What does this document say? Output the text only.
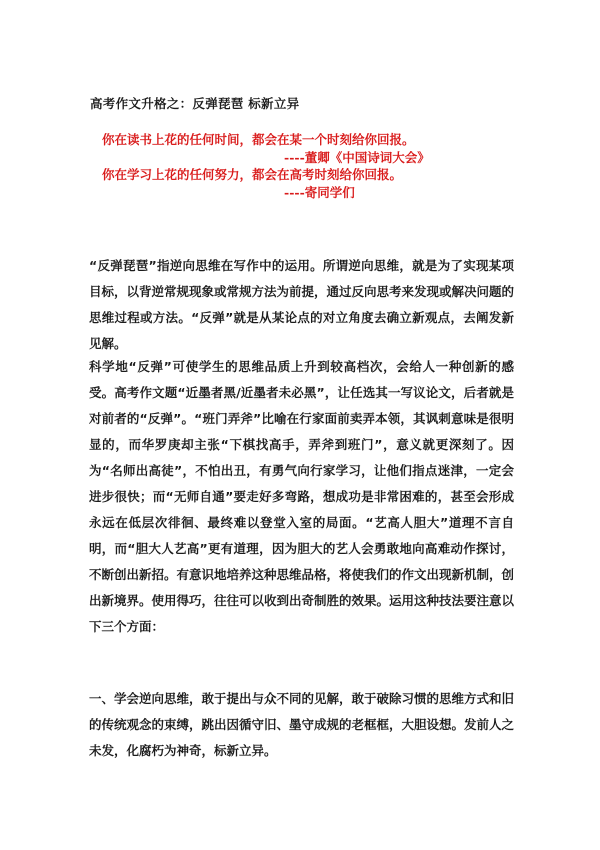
高考作文升格之：反弹琵琶 标新立异
你在读书上花的任何时间，都会在某一个时刻给你回报。
----董卿《中国诗词大会》
你在学习上花的任何努力，都会在高考时刻给你回报。
----寄同学们
“反弹琵琶”指逆向思维在写作中的运用。所谓逆向思维，就是为了实现某项目标，以背逆常规现象或常规方法为前提，通过反向思考来发现或解决问题的思维过程或方法。“反弹”就是从某论点的对立角度去确立新观点，去阐发新见解。
科学地“反弹”可使学生的思维品质上升到较高档次，会给人一种创新的感受。高考作文题“近墨者黑/近墨者未必黑”，让任选其一写议论文，后者就是对前者的“反弹”。“班门弄斧”比喻在行家面前卖弄本领，其讽刺意味是很明显的，而华罗庚却主张“下棋找高手，弄斧到班门”，意义就更深刻了。因为“名师出高徒”，不怕出丑，有勇气向行家学习，让他们指点迷津，一定会进步很快；而“无师自通”要走好多弯路，想成功是非常困难的，甚至会形成永远在低层次徘徊、最终难以登堂入室的局面。“艺高人胆大”道理不言自明，而“胆大人艺高”更有道理，因为胆大的艺人会勇敢地向高难动作探讨，不断创出新招。有意识地培养这种思维品格，将使我们的作文出现新机制，创出新境界。使用得巧，往往可以收到出奇制胜的效果。运用这种技法要注意以下三个方面：
一、学会逆向思维，敢于提出与众不同的见解，敢于破除习惯的思维方式和旧的传统观念的束缚，跳出因循守旧、墨守成规的老框框，大胆设想。发前人之未发，化腐朽为神奇，标新立异。
